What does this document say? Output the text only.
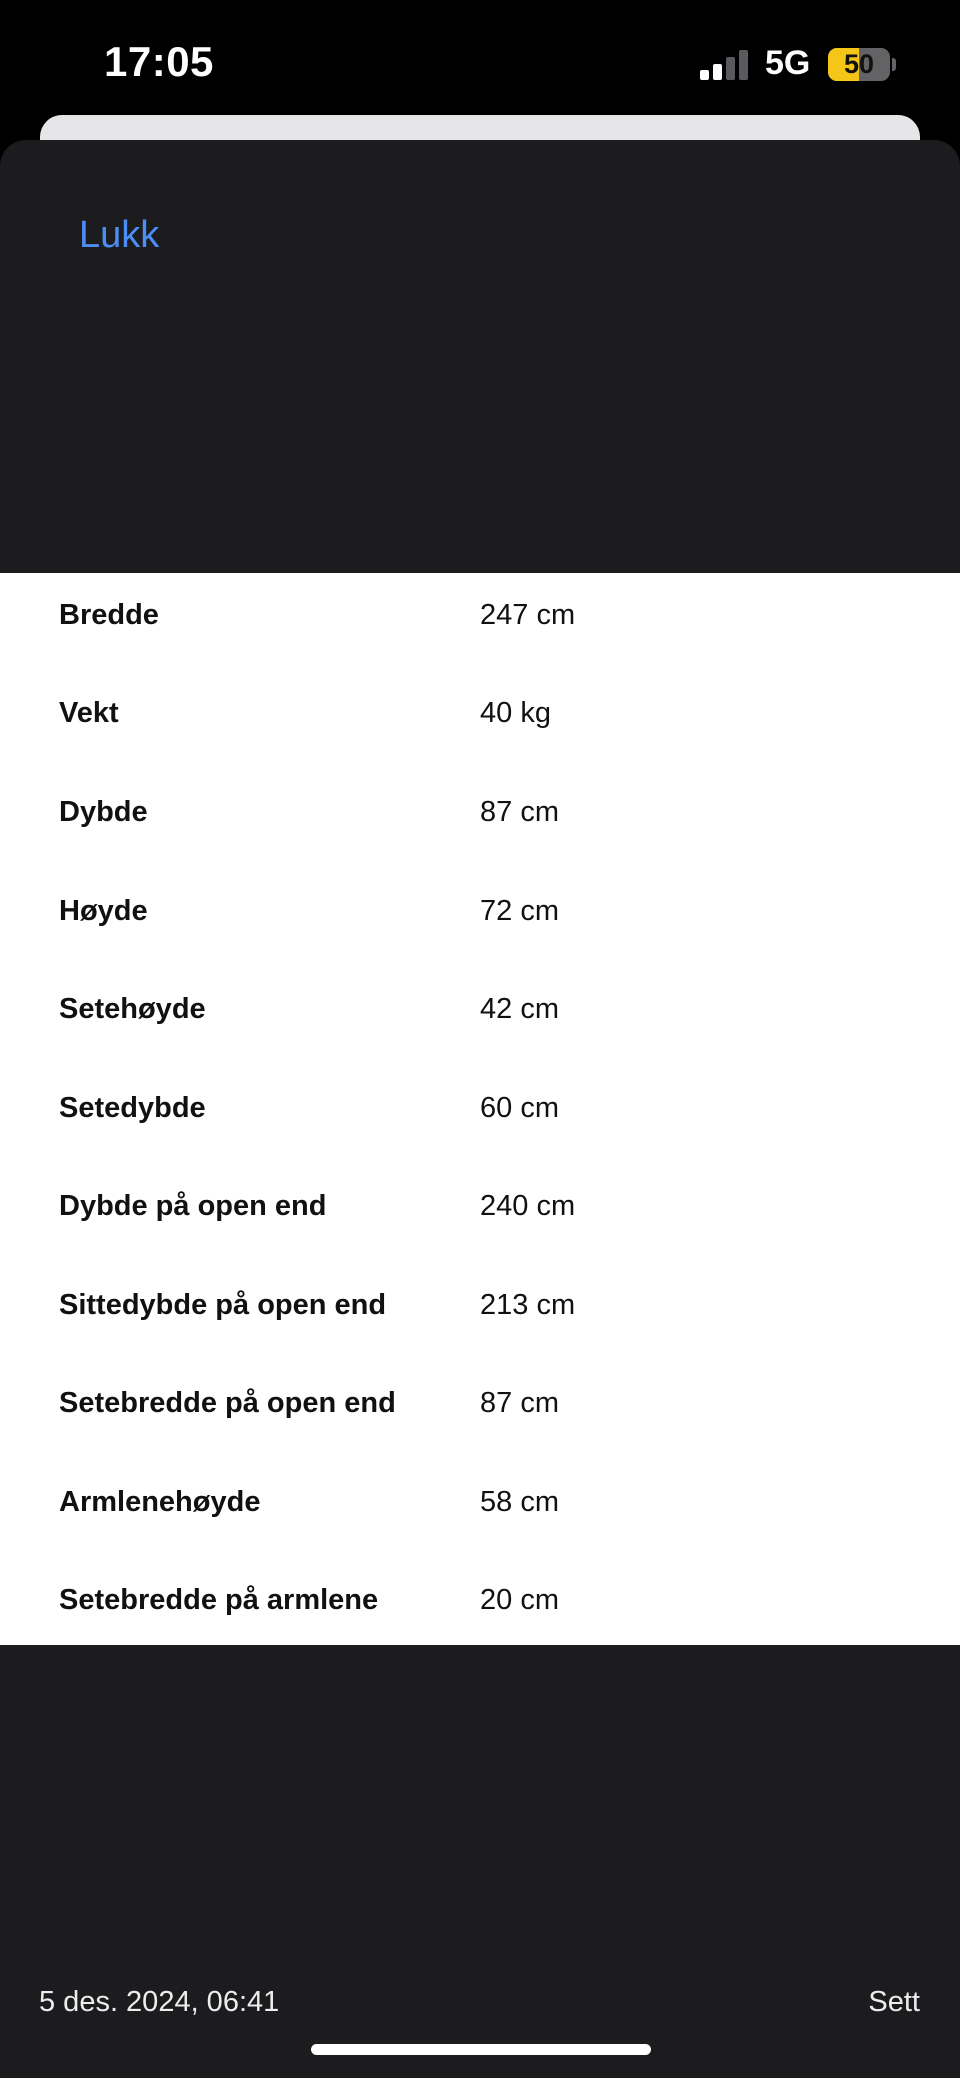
17:05	5G	50
Lukk
Bredde	247 cm
Vekt	40 kg
Dybde	87 cm
Høyde	72 cm
Setehøyde	42 cm
Setedybde	60 cm
Dybde på open end	240 cm
Sittedybde på open end	213 cm
Setebredde på open end	87 cm
Armlenehøyde	58 cm
Setebredde på armlene	20 cm
5 des. 2024, 06:41	Sett
